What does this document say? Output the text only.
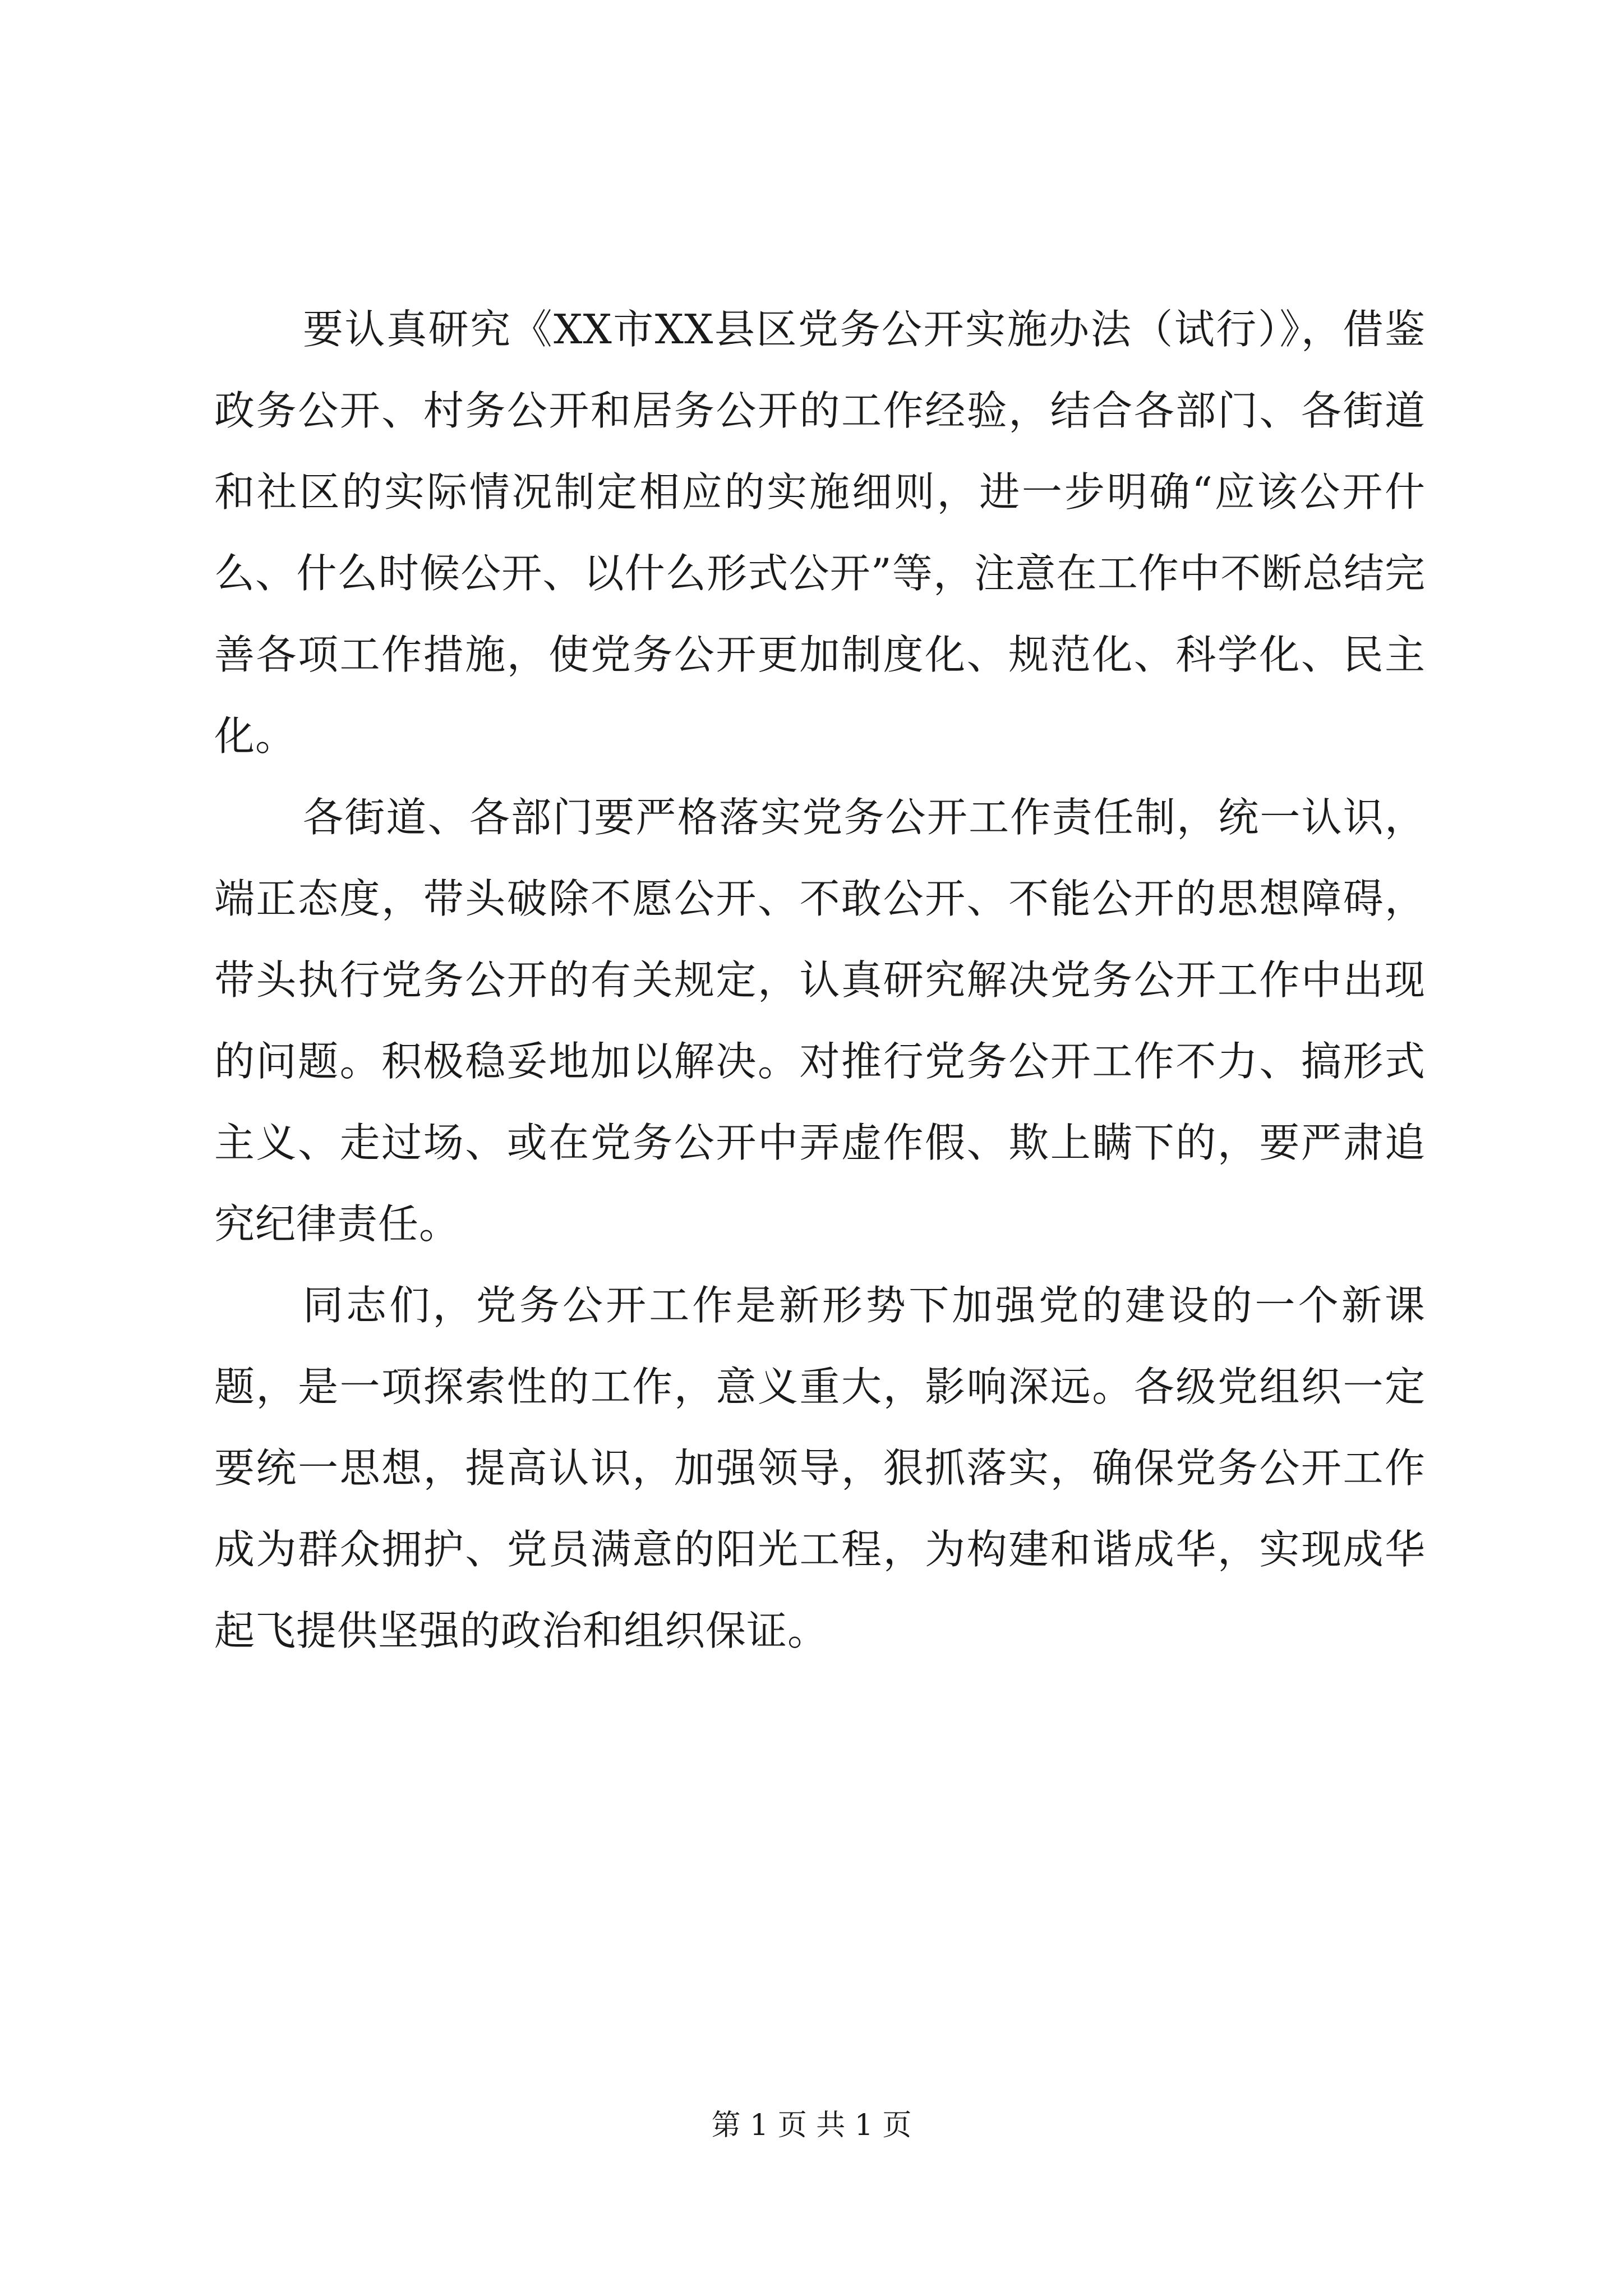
要认真研究《XX市XX县区党务公开实施办法（试行）》，借鉴政务公开、村务公开和居务公开的工作经验，结合各部门、各街道和社区的实际情况制定相应的实施细则，进一步明确“应该公开什么、什么时候公开、以什么形式公开”等，注意在工作中不断总结完善各项工作措施，使党务公开更加制度化、规范化、科学化、民主化。

各街道、各部门要严格落实党务公开工作责任制，统一认识，端正态度，带头破除不愿公开、不敢公开、不能公开的思想障碍，带头执行党务公开的有关规定，认真研究解决党务公开工作中出现的问题。积极稳妥地加以解决。对推行党务公开工作不力、搞形式主义、走过场、或在党务公开中弄虚作假、欺上瞒下的，要严肃追究纪律责任。

同志们，党务公开工作是新形势下加强党的建设的一个新课题，是一项探索性的工作，意义重大，影响深远。各级党组织一定要统一思想，提高认识，加强领导，狠抓落实，确保党务公开工作成为群众拥护、党员满意的阳光工程，为构建和谐成华，实现成华起飞提供坚强的政治和组织保证。

第 1 页 共 1 页
